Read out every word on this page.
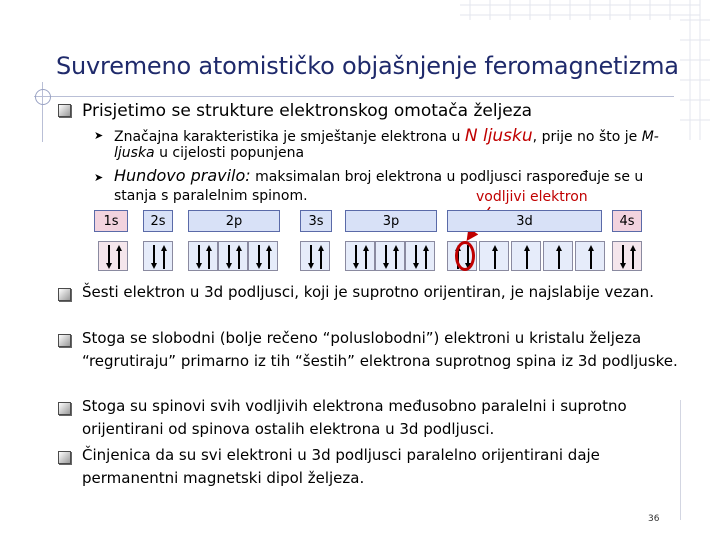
Suvremeno atomističko objašnjenje feromagnetizma
Prisjetimo se strukture elektronskog omotača željeza
➤ Značajna karakteristika je smještanje elektrona u N ljusku, prije no što je M-
ljuska u cijelosti popunjena
➤ Hundovo pravilo: maksimalan broj elektrona u podljusci raspoređuje se u
stanja s paralelnim spinom.	vodljivi elektron
1s 2s	2p	3s	3p	3d	4s
Šesti elektron u 3d podljusci, koji je suprotno orijentiran, je najslabije vezan.
Stoga se slobodni (bolje rečeno “poluslobodni”) elektroni u kristalu željeza “regrutiraju” primarno iz tih “šestih” elektrona suprotnog spina iz 3d podljuske.
Stoga su spinovi svih vodljivih elektrona međusobno paralelni i suprotno orijentirani od spinova ostalih elektrona u 3d podljusci.
Činjenica da su svi elektroni u 3d podljusci paralelno orijentirani daje permanentni magnetski dipol željeza.
36
